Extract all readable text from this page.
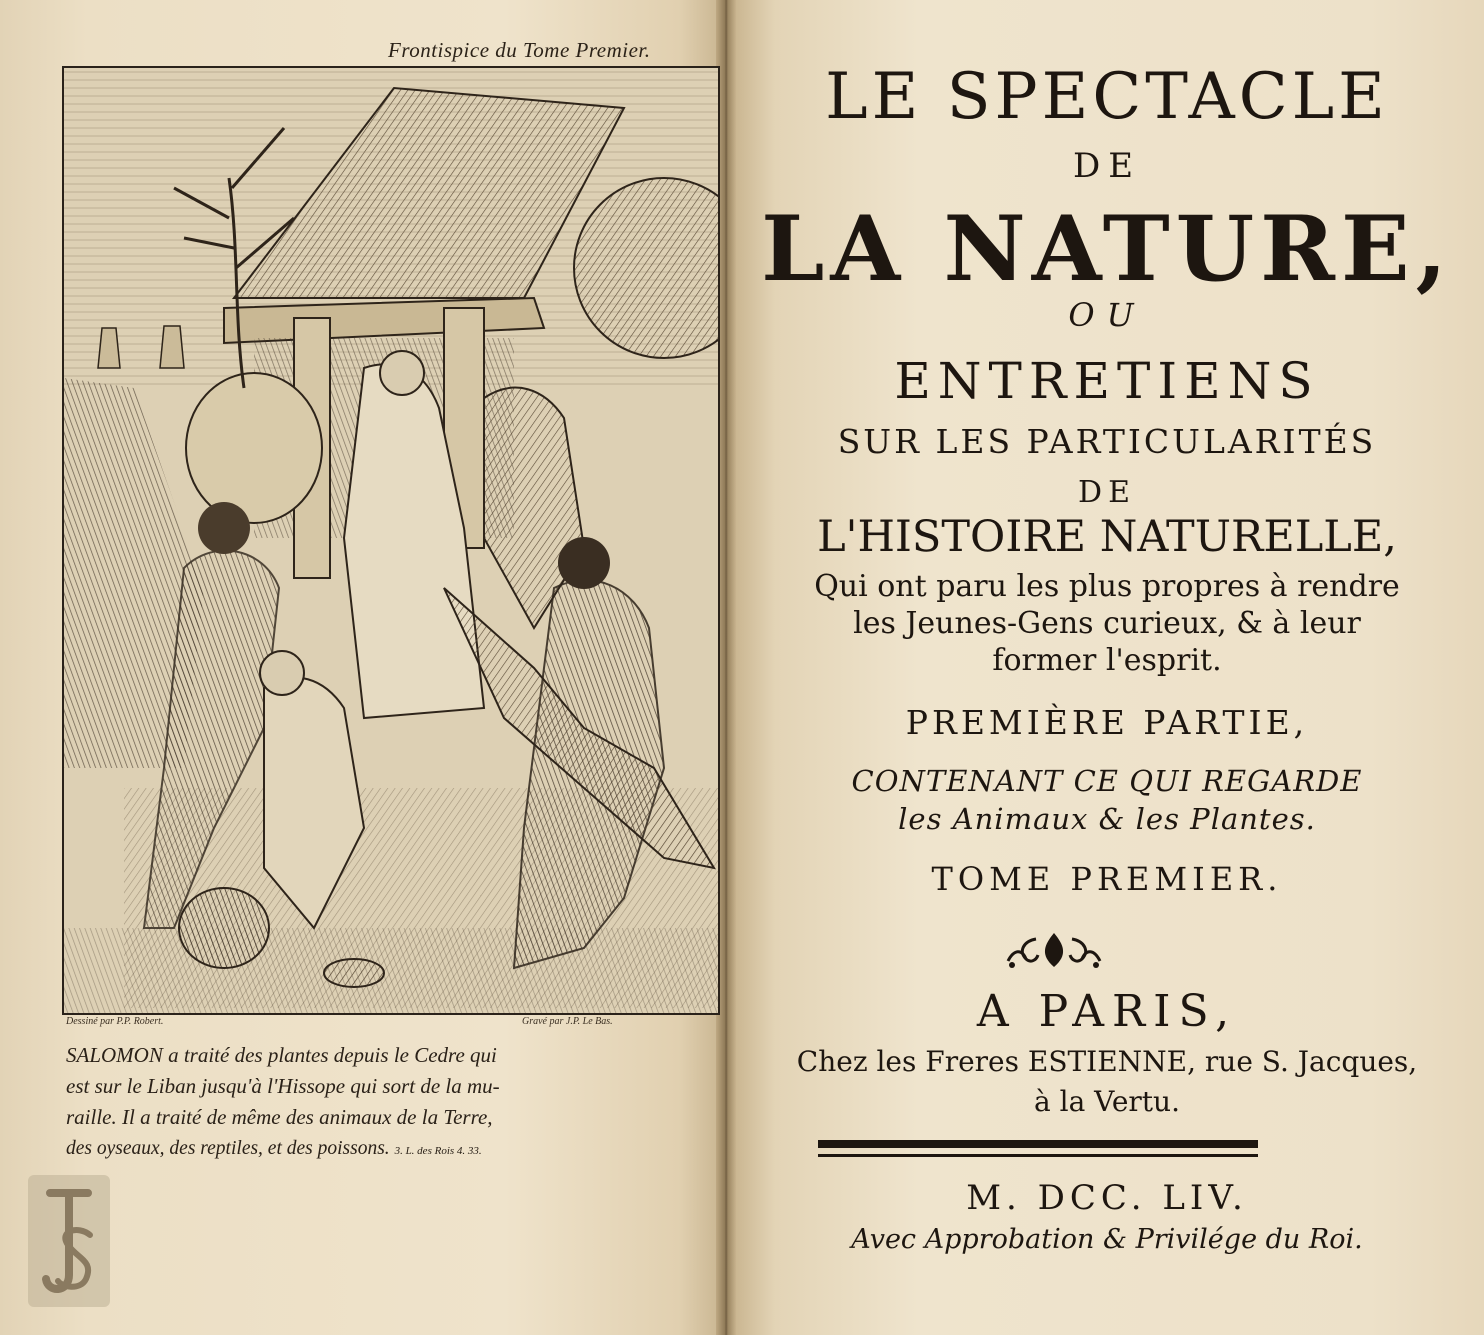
Frontispice du Tome Premier.
Dessiné par P.P. Robert.	Gravé par J.P. Le Bas.
SALOMON a traité des plantes depuis le Cedre qui
est sur le Liban jusqu'à l'Hissope qui sort de la mu-
raille. Il a traité de même des animaux de la Terre,
des oyseaux, des reptiles, et des poissons. 3. L. des Rois 4. 33.
LE SPECTACLE
DE
LA NATURE,
OU
ENTRETIENS
SUR LES PARTICULARITÉS
DE
L'HISTOIRE NATURELLE,
Qui ont paru les plus propres à rendre
les Jeunes-Gens curieux, & à leur
former l'esprit.
PREMIÈRE PARTIE,
CONTENANT CE QUI REGARDE
les Animaux & les Plantes.
TOME PREMIER.
A PARIS,
Chez les Freres ESTIENNE, rue S. Jacques,
à la Vertu.
M. DCC. LIV.
Avec Approbation & Privilége du Roi.
